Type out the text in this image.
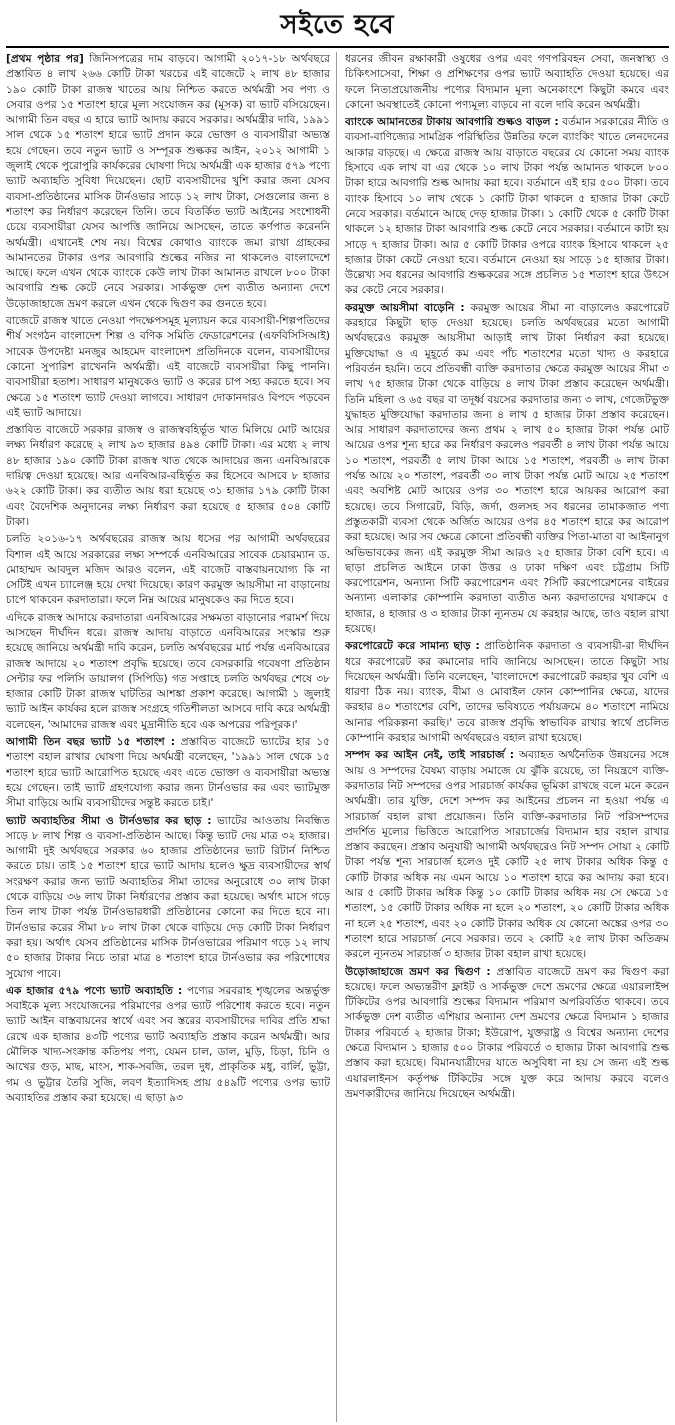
সইতে হবে

[প্রথম পৃষ্ঠার পর] জিনিসপত্রের দাম বাড়বে। আগামী ২০১৭-১৮ অর্থবছরে প্রস্তাবিত ৪ লাখ ২৬৬ কোটি টাকা খরচের এই বাজেটে ২ লাখ ৪৮ হাজার ১৯০ কোটি টাকা রাজস্ব খাতের আয় নিশ্চিত করতে অর্থমন্ত্রী সব পণ্য ও সেবার ওপর ১৫ শতাংশ হারে মূল্য সংযোজন কর (মূসক) বা ভ্যাট বসিয়েছেন। আগামী তিন বছর এ হারে ভ্যাট আদায় করবে সরকার। অর্থমন্ত্রীর দাবি, ১৯৯১ সাল থেকে ১৫ শতাংশ হারে ভ্যাট প্রদান করে ভোক্তা ও ব্যবসায়ীরা অভ্যস্ত হয়ে গেছেন। তবে নতুন ভ্যাট ও সম্পূরক শুল্ককর আইন, ২০১২ আগামী ১ জুলাই থেকে পুরোপুরি কার্যকরের ঘোষণা দিয়ে অর্থমন্ত্রী এক হাজার ৫৭৯ পণ্যে ভ্যাট অব্যাহতি সুবিধা দিয়েছেন। ছোট ব্যবসায়ীদের খুশি করার জন্য যেসব ব্যবসা-প্রতিষ্ঠানের মাসিক টার্নওভার সাড়ে ১২ লাখ টাকা, সেগুলোর জন্য ৪ শতাংশ কর নির্ধারণ করেছেন তিনি। তবে বিতর্কিত ভ্যাট আইনের সংশোধনী চেয়ে ব্যবসায়ীরা যেসব আপত্তি জানিয়ে আসছেন, তাতে কর্ণপাত করেননি অর্থমন্ত্রী। এখানেই শেষ নয়। বিশ্বের কোথাও ব্যাংকে জমা রাখা গ্রাহকের আমানতের টাকার ওপর আবগারি শুল্কের নজির না থাকলেও বাংলাদেশে আছে। ফলে এখন থেকে ব্যাংকে কেউ লাখ টাকা আমানত রাখলে ৮০০ টাকা আবগারি শুল্ক কেটে নেবে সরকার। সার্কভুক্ত দেশ ব্যতীত অন্যান্য দেশে উড়োজাহাজে ভ্রমণ করলে এখন থেকে দ্বিগুণ কর গুনতে হবে।

বাজেটে রাজস্ব খাতে নেওয়া পদক্ষেপসমূহ মূল্যায়ন করে ব্যবসায়ী-শিল্পপতিদের শীর্ষ সংগঠন বাংলাদেশ শিল্প ও বণিক সমিতি ফেডারেশনের (এফবিসিসিআই) সাবেক উপদেষ্টা মনজুর আহমেদ বাংলাদেশ প্রতিদিনকে বলেন, ব্যবসায়ীদের কোনো সুপারিশ রাখেননি অর্থমন্ত্রী। এই বাজেটে ব্যবসায়ীরা কিছু পাননি। ব্যবসায়ীরা হতাশ। সাধারণ মানুষকেও ভ্যাট ও করের চাপ সহ্য করতে হবে। সব ক্ষেত্রে ১৫ শতাংশ ভ্যাট দেওয়া লাগবে। সাধারণ দোকানদারও বিপদে পড়বেন এই ভ্যাট আদায়ে।

প্রস্তাবিত বাজেটে সরকার রাজস্ব ও রাজস্ববহির্ভূত খাত মিলিয়ে মোট আয়ের লক্ষ্য নির্ধারণ করেছে ২ লাখ ৯৩ হাজার ৪৯৪ কোটি টাকা। এর মধ্যে ২ লাখ ৪৮ হাজার ১৯০ কোটি টাকা রাজস্ব খাত থেকে আদায়ের জন্য এনবিআরকে দায়িত্ব দেওয়া হয়েছে। আর এনবিআর-বহির্ভূত কর হিসেবে আসবে ৮ হাজার ৬২২ কোটি টাকা। কর ব্যতীত আয় ধরা হয়েছে ৩১ হাজার ১৭৯ কোটি টাকা এবং বৈদেশিক অনুদানের লক্ষ্য নির্ধারণ করা হয়েছে ৫ হাজার ৫০৪ কোটি টাকা।

চলতি ২০১৬-১৭ অর্থবছরের রাজস্ব আয় ধসের পর আগামী অর্থবছরের বিশাল এই আয়ে সরকারের লক্ষ্য সম্পর্কে এনবিআরের সাবেক চেয়ারম্যান ড. মোহাম্মদ আবদুল মজিদ আরও বলেন, এই বাজেট বাস্তবায়নযোগ্য কি না সেটিই এখন চ্যালেঞ্জ হয়ে দেখা দিয়েছে। কারণ করমুক্ত আয়সীমা না বাড়ানোয় চাপে থাকবেন করদাতারা। ফলে নিম্ন আয়ের মানুষকেও কর দিতে হবে।

এদিকে রাজস্ব আদায়ে করদাতারা এনবিআরের সক্ষমতা বাড়ানোর পরামর্শ দিয়ে আসছেন দীর্ঘদিন ধরে। রাজস্ব আদায় বাড়াতে এনবিআরের সংস্কার শুরু হয়েছে জানিয়ে অর্থমন্ত্রী দাবি করেন, চলতি অর্থবছরের মার্চ পর্যন্ত এনবিআরের রাজস্ব আদায়ে ২০ শতাংশ প্রবৃদ্ধি হয়েছে। তবে বেসরকারি গবেষণা প্রতিষ্ঠান সেন্টার ফর পলিসি ডায়ালগ (সিপিডি) গত সপ্তাহে চলতি অর্থবছর শেষে ৩৮ হাজার কোটি টাকা রাজস্ব ঘাটতির আশঙ্কা প্রকাশ করেছে। আগামী ১ জুলাই ভ্যাট আইন কার্যকর হলে রাজস্ব সংগ্রহে গতিশীলতা আসবে দাবি করে অর্থমন্ত্রী বলেছেন, 'আমাদের রাজস্ব এবং মুদ্রানীতি হবে এক অপরের পরিপূরক।'

আগামী তিন বছর ভ্যাট ১৫ শতাংশ : প্রস্তাবিত বাজেটে ভ্যাটের হার ১৫ শতাংশ বহাল রাখার ঘোষণা দিয়ে অর্থমন্ত্রী বলেছেন, '১৯৯১ সাল থেকে ১৫ শতাংশ হারে ভ্যাট আরোপিত হয়েছে এবং এতে ভোক্তা ও ব্যবসায়ীরা অভ্যস্ত হয়ে গেছেন। তাই ভ্যাট গ্রহণযোগ্য করার জন্য টার্নওভার কর এবং ভ্যাটমুক্ত সীমা বাড়িয়ে আমি ব্যবসায়ীদের সন্তুষ্ট করতে চাই।'

ভ্যাট অব্যাহতির সীমা ও টার্নওভার কর ছাড় : ভ্যাটের আওতায় নিবন্ধিত সাড়ে ৮ লাখ শিল্প ও ব্যবসা-প্রতিষ্ঠান আছে। কিন্তু ভ্যাট দেয় মাত্র ৩২ হাজার। আগামী দুই অর্থবছরে সরকার ৬০ হাজার প্রতিষ্ঠানের ভ্যাট রিটার্ন নিশ্চিত করতে চায়। তাই ১৫ শতাংশ হারে ভ্যাট আদায় হলেও ক্ষুদ্র ব্যবসায়ীদের স্বার্থ সংরক্ষণ করার জন্য ভ্যাট অব্যাহতির সীমা তাদের অনুরোধে ৩০ লাখ টাকা থেকে বাড়িয়ে ৩৬ লাখ টাকা নির্ধারণের প্রস্তাব করা হয়েছে। অর্থাৎ মাসে গড়ে তিন লাখ টাকা পর্যন্ত টার্নওভারধারী প্রতিষ্ঠানের কোনো কর দিতে হবে না। টার্নওভার করের সীমা ৮০ লাখ টাকা থেকে বাড়িয়ে দেড় কোটি টাকা নির্ধারণ করা হয়। অর্থাৎ যেসব প্রতিষ্ঠানের মাসিক টার্নওভারের পরিমাণ গড়ে ১২ লাখ ৫০ হাজার টাকার নিচে তারা মাত্র ৪ শতাংশ হারে টার্নওভার কর পরিশোধের সুযোগ পাবে।

এক হাজার ৫৭৯ পণ্যে ভ্যাট অব্যাহতি : পণ্যের সরবরাহ শৃঙ্খলের অন্তর্ভুক্ত সবাইকে মূল্য সংযোজনের পরিমাণের ওপর ভ্যাট পরিশোধ করতে হবে। নতুন ভ্যাট আইন বাস্তবায়নের স্বার্থে এবং সব স্তরের ব্যবসায়ীদের দাবির প্রতি শ্রদ্ধা রেখে এক হাজার ৪৩টি পণ্যের ভ্যাট অব্যাহতি প্রস্তাব করেন অর্থমন্ত্রী। আর মৌলিক খাদ্য-সংক্রান্ত কতিপয় পণ্য, যেমন চাল, ডাল, মুড়ি, চিড়া, চিনি ও আখের গুড়, মাছ, মাংস, শাক-সবজি, তরল দুধ, প্রাকৃতিক মধু, বার্লি, ভুট্টা, গম ও ভুট্টার তৈরি সুজি, লবণ ইত্যাদিসহ প্রায় ৫৪৯টি পণ্যের ওপর ভ্যাট অব্যাহতির প্রস্তাব করা হয়েছে। এ ছাড়া ৯৩

ধরনের জীবন রক্ষাকারী ওষুধের ওপর এবং গণপরিবহন সেবা, জনস্বাস্থ্য ও চিকিৎসাসেবা, শিক্ষা ও প্রশিক্ষণের ওপর ভ্যাট অব্যাহতি দেওয়া হয়েছে। এর ফলে নিত্যপ্রয়োজনীয় পণ্যের বিদ্যমান মূল্য অনেকাংশে কিছুটা কমবে এবং কোনো অবস্থাতেই কোনো পণ্যমূল্য বাড়বে না বলে দাবি করেন অর্থমন্ত্রী।

ব্যাংকে আমানতের টাকায় আবগারি শুল্কও বাড়ল : বর্তমান সরকারের নীতি ও ব্যবসা-বাণিজ্যের সামগ্রিক পরিস্থিতির উন্নতির ফলে ব্যাংকিং খাতে লেনদেনের আকার বাড়ছে। এ ক্ষেত্রে রাজস্ব আয় বাড়াতে বছরের যে কোনো সময় ব্যাংক হিসাবে এক লাখ বা এর থেকে ১০ লাখ টাকা পর্যন্ত আমানত থাকলে ৮০০ টাকা হারে আবগারি শুল্ক আদায় করা হবে। বর্তমানে এই হার ৫০০ টাকা। তবে ব্যাংক হিসাবে ১০ লাখ থেকে ১ কোটি টাকা থাকলে ৫ হাজার টাকা কেটে নেবে সরকার। বর্তমানে আছে দেড় হাজার টাকা। ১ কোটি থেকে ৫ কোটি টাকা থাকলে ১২ হাজার টাকা আবগারি শুল্ক কেটে নেবে সরকার। বর্তমানে কাটা হয় সাড়ে ৭ হাজার টাকা। আর ৫ কোটি টাকার ওপরে ব্যাংক হিসাবে থাকলে ২৫ হাজার টাকা কেটে নেওয়া হবে। বর্তমানে নেওয়া হয় সাড়ে ১৫ হাজার টাকা। উল্লেখ্য সব ধরনের আবগারি শুল্ককরের সঙ্গে প্রচলিত ১৫ শতাংশ হারে উৎসে কর কেটে নেবে সরকার।

করমুক্ত আয়সীমা বাড়েনি : করমুক্ত আয়ের সীমা না বাড়ালেও করপোরেট করহারে কিছুটা ছাড় দেওয়া হয়েছে। চলতি অর্থবছরের মতো আগামী অর্থবছরেও করমুক্ত আয়সীমা আড়াই লাখ টাকা নির্ধারণ করা হয়েছে। মুক্তিযোদ্ধা ও এ মুহূর্তে কম এবং পাঁচ শতাংশের মতো খাদ্য ও করহারে পরিবর্তন হয়নি। তবে প্রতিবন্ধী ব্যক্তি করদাতার ক্ষেত্রে করমুক্ত আয়ের সীমা ৩ লাখ ৭৫ হাজার টাকা থেকে বাড়িয়ে ৪ লাখ টাকা প্রস্তাব করেছেন অর্থমন্ত্রী। তিনি মহিলা ও ৬৫ বছর বা তদূর্ধ্ব বয়সের করদাতার জন্য ৩ লাখ, গেজেটভুক্ত যুদ্ধাহত মুক্তিযোদ্ধা করদাতার জন্য ৪ লাখ ৫ হাজার টাকা প্রস্তাব করেছেন। আর সাধারণ করদাতাদের জন্য প্রথম ২ লাখ ৫০ হাজার টাকা পর্যন্ত মোট আয়ের ওপর শূন্য হারে কর নির্ধারণ করলেও পরবর্তী ৪ লাখ টাকা পর্যন্ত আয়ে ১০ শতাংশ, পরবর্তী ৫ লাখ টাকা আয়ে ১৫ শতাংশ, পরবর্তী ৬ লাখ টাকা পর্যন্ত আয়ে ২০ শতাংশ, পরবর্তী ৩০ লাখ টাকা পর্যন্ত মোট আয়ে ২৫ শতাংশ এবং অবশিষ্ট মোট আয়ের ওপর ৩০ শতাংশ হারে আয়কর আরোপ করা হয়েছে। তবে সিগারেট, বিড়ি, জর্দা, গুলসহ সব ধরনের তামাকজাত পণ্য প্রস্তুতকারী ব্যবসা থেকে অর্জিত আয়ের ওপর ৪৫ শতাংশ হারে কর আরোপ করা হয়েছে। আর সব ক্ষেত্রে কোনো প্রতিবন্ধী ব্যক্তির পিতা-মাতা বা আইনানুগ অভিভাবকের জন্য এই করমুক্ত সীমা আরও ২৫ হাজার টাকা বেশি হবে। এ ছাড়া প্রচলিত আইনে ঢাকা উত্তর ও ঢাকা দক্ষিণ এবং চট্টগ্রাম সিটি করপোরেশন, অন্যান্য সিটি করপোরেশন এবং ?সিটি করপোরেশনের বাইরের অন্যান্য এলাকার কোম্পানি করদাতা ব্যতীত অন্য করদাতাদের যথাক্রমে ৫ হাজার, ৪ হাজার ও ৩ হাজার টাকা ন্যূনতম যে করহার আছে, তাও বহাল রাখা হয়েছে।

করপোরেটে করে সামান্য ছাড় : প্রাতিষ্ঠানিক করদাতা ও ব্যবসায়ী-রা দীর্ঘদিন ধরে করপোরেট কর কমানোর দাবি জানিয়ে আসছেন। তাতে কিছুটা সায় দিয়েছেন অর্থমন্ত্রী। তিনি বলেছেন, 'বাংলাদেশে করপোরেট করহার খুব বেশি এ ধারণা ঠিক নয়। ব্যাংক, বীমা ও মোবাইল ফোন কোম্পানির ক্ষেত্রে, যাদের করহার ৪০ শতাংশের বেশি, তাদের ভবিষ্যতে পর্যায়ক্রমে ৪০ শতাংশে নামিয়ে আনার পরিকল্পনা করছি।' তবে রাজস্ব প্রবৃদ্ধি স্বাভাবিক রাখার স্বার্থে প্রচলিত কোম্পানি করহার আগামী অর্থবছরেও বহাল রাখা হয়েছে।

সম্পদ কর আইন নেই, তাই সারচার্জ : অব্যাহত অর্থনৈতিক উন্নয়নের সঙ্গে আয় ও সম্পদের বৈষম্য বাড়ায় সমাজে যে ঝুঁকি রয়েছে, তা নিয়ন্ত্রণে ব্যক্তি-করদাতার নিট সম্পদের ওপর সারচার্জ কার্যকর ভূমিকা রাখছে বলে মনে করেন অর্থমন্ত্রী। তার যুক্তি, দেশে সম্পদ কর আইনের প্রচলন না হওয়া পর্যন্ত এ সারচার্জ বহাল রাখা প্রয়োজন। তিনি ব্যক্তি-করদাতার নিট পরিসম্পদের প্রদর্শিত মূল্যের ভিত্তিতে আরোপিত সারচার্জের বিদ্যমান হার বহাল রাখার প্রস্তাব করছেন। প্রস্তাব অনুযায়ী আগামী অর্থবছরেও নিট সম্পদ সোয়া ২ কোটি টাকা পর্যন্ত শূন্য সারচার্জ হলেও দুই কোটি ২৫ লাখ টাকার অধিক কিন্তু ৫ কোটি টাকার অধিক নয় এমন আয়ে ১০ শতাংশ হারে কর আদায় করা হবে। আর ৫ কোটি টাকার অধিক কিন্তু ১০ কোটি টাকার অধিক নয় সে ক্ষেত্রে ১৫ শতাংশ, ১৫ কোটি টাকার অধিক না হলে ২০ শতাংশ, ২০ কোটি টাকার অধিক না হলে ২৫ শতাংশ, এবং ২০ কোটি টাকার অধিক যে কোনো অঙ্কের ওপর ৩০ শতাংশ হারে সারচার্জ নেবে সরকার। তবে ২ কোটি ২৫ লাখ টাকা অতিক্রম করলে ন্যূনতম সারচার্জ ৩ হাজার টাকা বহাল রাখা হয়েছে।

উড়োজাহাজে ভ্রমণ কর দ্বিগুণ : প্রস্তাবিত বাজেটে ভ্রমণ কর দ্বিগুণ করা হয়েছে। ফলে অভ্যন্তরীণ ফ্লাইট ও সার্কভুক্ত দেশে ভ্রমণের ক্ষেত্রে এয়ারলাইন্স টিকিটের ওপর আবগারি শুল্কের বিদ্যমান পরিমাণ অপরিবর্তিত থাকবে। তবে সার্কভুক্ত দেশ ব্যতীত এশিয়ার অন্যান্য দেশ ভ্রমণের ক্ষেত্রে বিদ্যমান ১ হাজার টাকার পরিবর্তে ২ হাজার টাকা; ইউরোপ, যুক্তরাষ্ট্র ও বিশ্বের অন্যান্য দেশের ক্ষেত্রে বিদ্যমান ১ হাজার ৫০০ টাকার পরিবর্তে ৩ হাজার টাকা আবগারি শুল্ক প্রস্তাব করা হয়েছে। বিমানযাত্রীদের যাতে অসুবিধা না হয় সে জন্য এই শুল্ক এয়ারলাইনস কর্তৃপক্ষ টিকিটের সঙ্গে যুক্ত করে আদায় করবে বলেও ভ্রমণকারীদের জানিয়ে দিয়েছেন অর্থমন্ত্রী।
